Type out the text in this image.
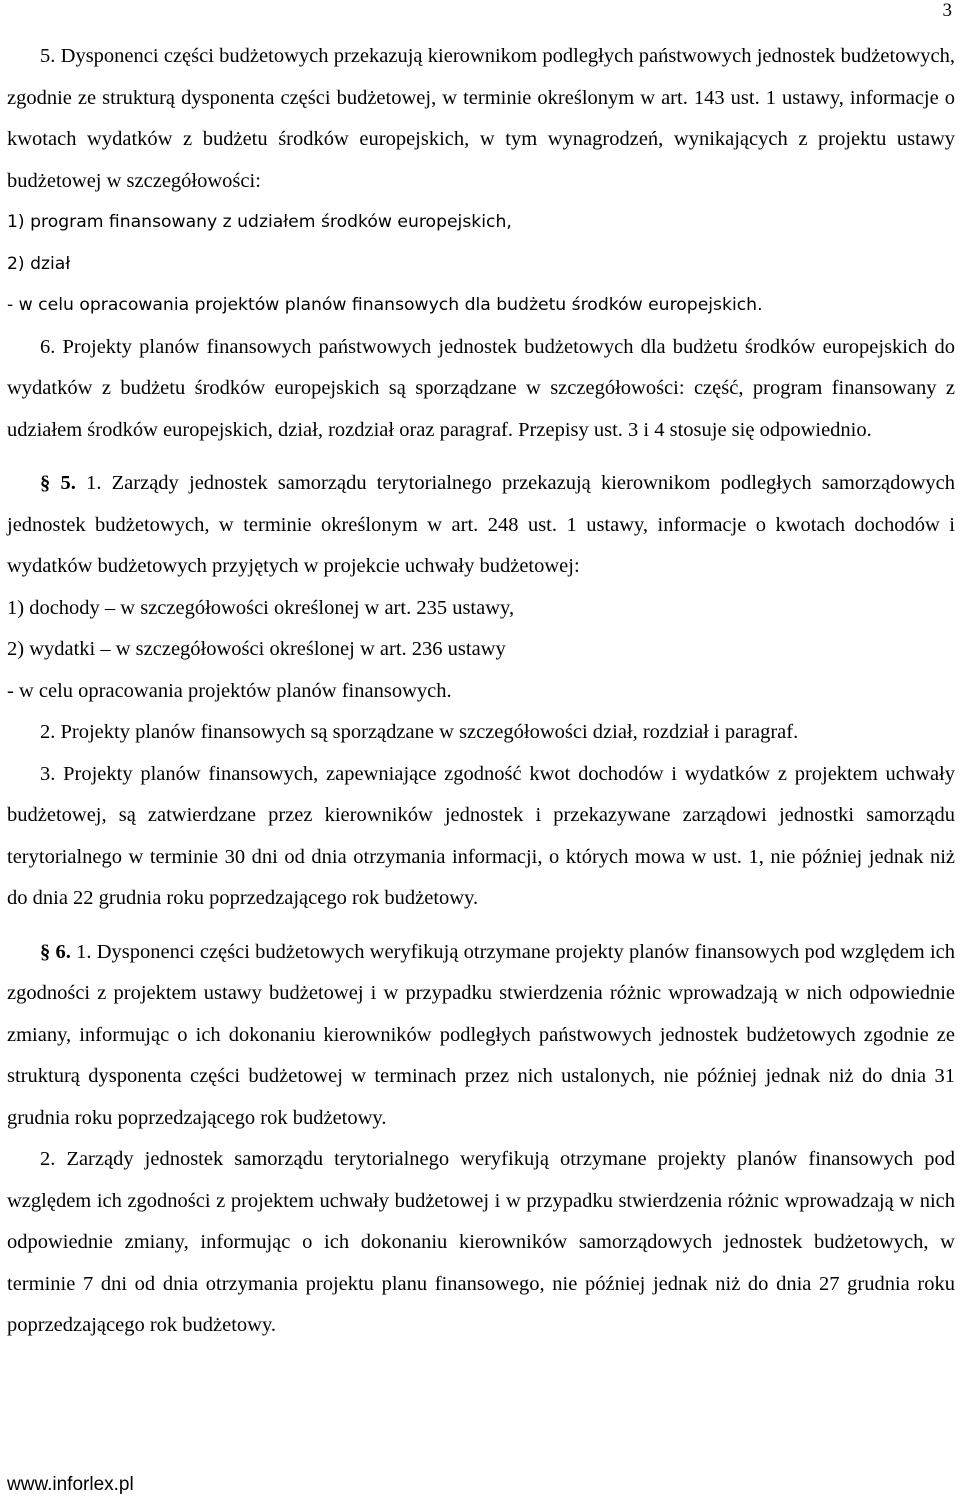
3

5. Dysponenci części budżetowych przekazują kierownikom podległych państwowych jednostek budżetowych, zgodnie ze strukturą dysponenta części budżetowej, w terminie określonym w art. 143 ust. 1 ustawy, informacje o kwotach wydatków z budżetu środków europejskich, w tym wynagrodzeń, wynikających z projektu ustawy budżetowej w szczegółowości:

1) program finansowany z udziałem środków europejskich,

2) dział

- w celu opracowania projektów planów finansowych dla budżetu środków europejskich.

6. Projekty planów finansowych państwowych jednostek budżetowych dla budżetu środków europejskich do wydatków z budżetu środków europejskich są sporządzane w szczegółowości: część, program finansowany z udziałem środków europejskich, dział, rozdział oraz paragraf. Przepisy ust. 3 i 4 stosuje się odpowiednio.

§ 5. 1. Zarządy jednostek samorządu terytorialnego przekazują kierownikom podległych samorządowych jednostek budżetowych, w terminie określonym w art. 248 ust. 1 ustawy, informacje o kwotach dochodów i wydatków budżetowych przyjętych w projekcie uchwały budżetowej:

1) dochody – w szczegółowości określonej w art. 235 ustawy,

2) wydatki – w szczegółowości określonej w art. 236 ustawy

- w celu opracowania projektów planów finansowych.

2. Projekty planów finansowych są sporządzane w szczegółowości dział, rozdział i paragraf.

3. Projekty planów finansowych, zapewniające zgodność kwot dochodów i wydatków z projektem uchwały budżetowej, są zatwierdzane przez kierowników jednostek i przekazywane zarządowi jednostki samorządu terytorialnego w terminie 30 dni od dnia otrzymania informacji, o których mowa w ust. 1, nie później jednak niż do dnia 22 grudnia roku poprzedzającego rok budżetowy.

§ 6. 1. Dysponenci części budżetowych weryfikują otrzymane projekty planów finansowych pod względem ich zgodności z projektem ustawy budżetowej i w przypadku stwierdzenia różnic wprowadzają w nich odpowiednie zmiany, informując o ich dokonaniu kierowników podległych państwowych jednostek budżetowych zgodnie ze strukturą dysponenta części budżetowej w terminach przez nich ustalonych, nie później jednak niż do dnia 31 grudnia roku poprzedzającego rok budżetowy.

2. Zarządy jednostek samorządu terytorialnego weryfikują otrzymane projekty planów finansowych pod względem ich zgodności z projektem uchwały budżetowej i w przypadku stwierdzenia różnic wprowadzają w nich odpowiednie zmiany, informując o ich dokonaniu kierowników samorządowych jednostek budżetowych, w terminie 7 dni od dnia otrzymania projektu planu finansowego, nie później jednak niż do dnia 27 grudnia roku poprzedzającego rok budżetowy.

www.inforlex.pl
